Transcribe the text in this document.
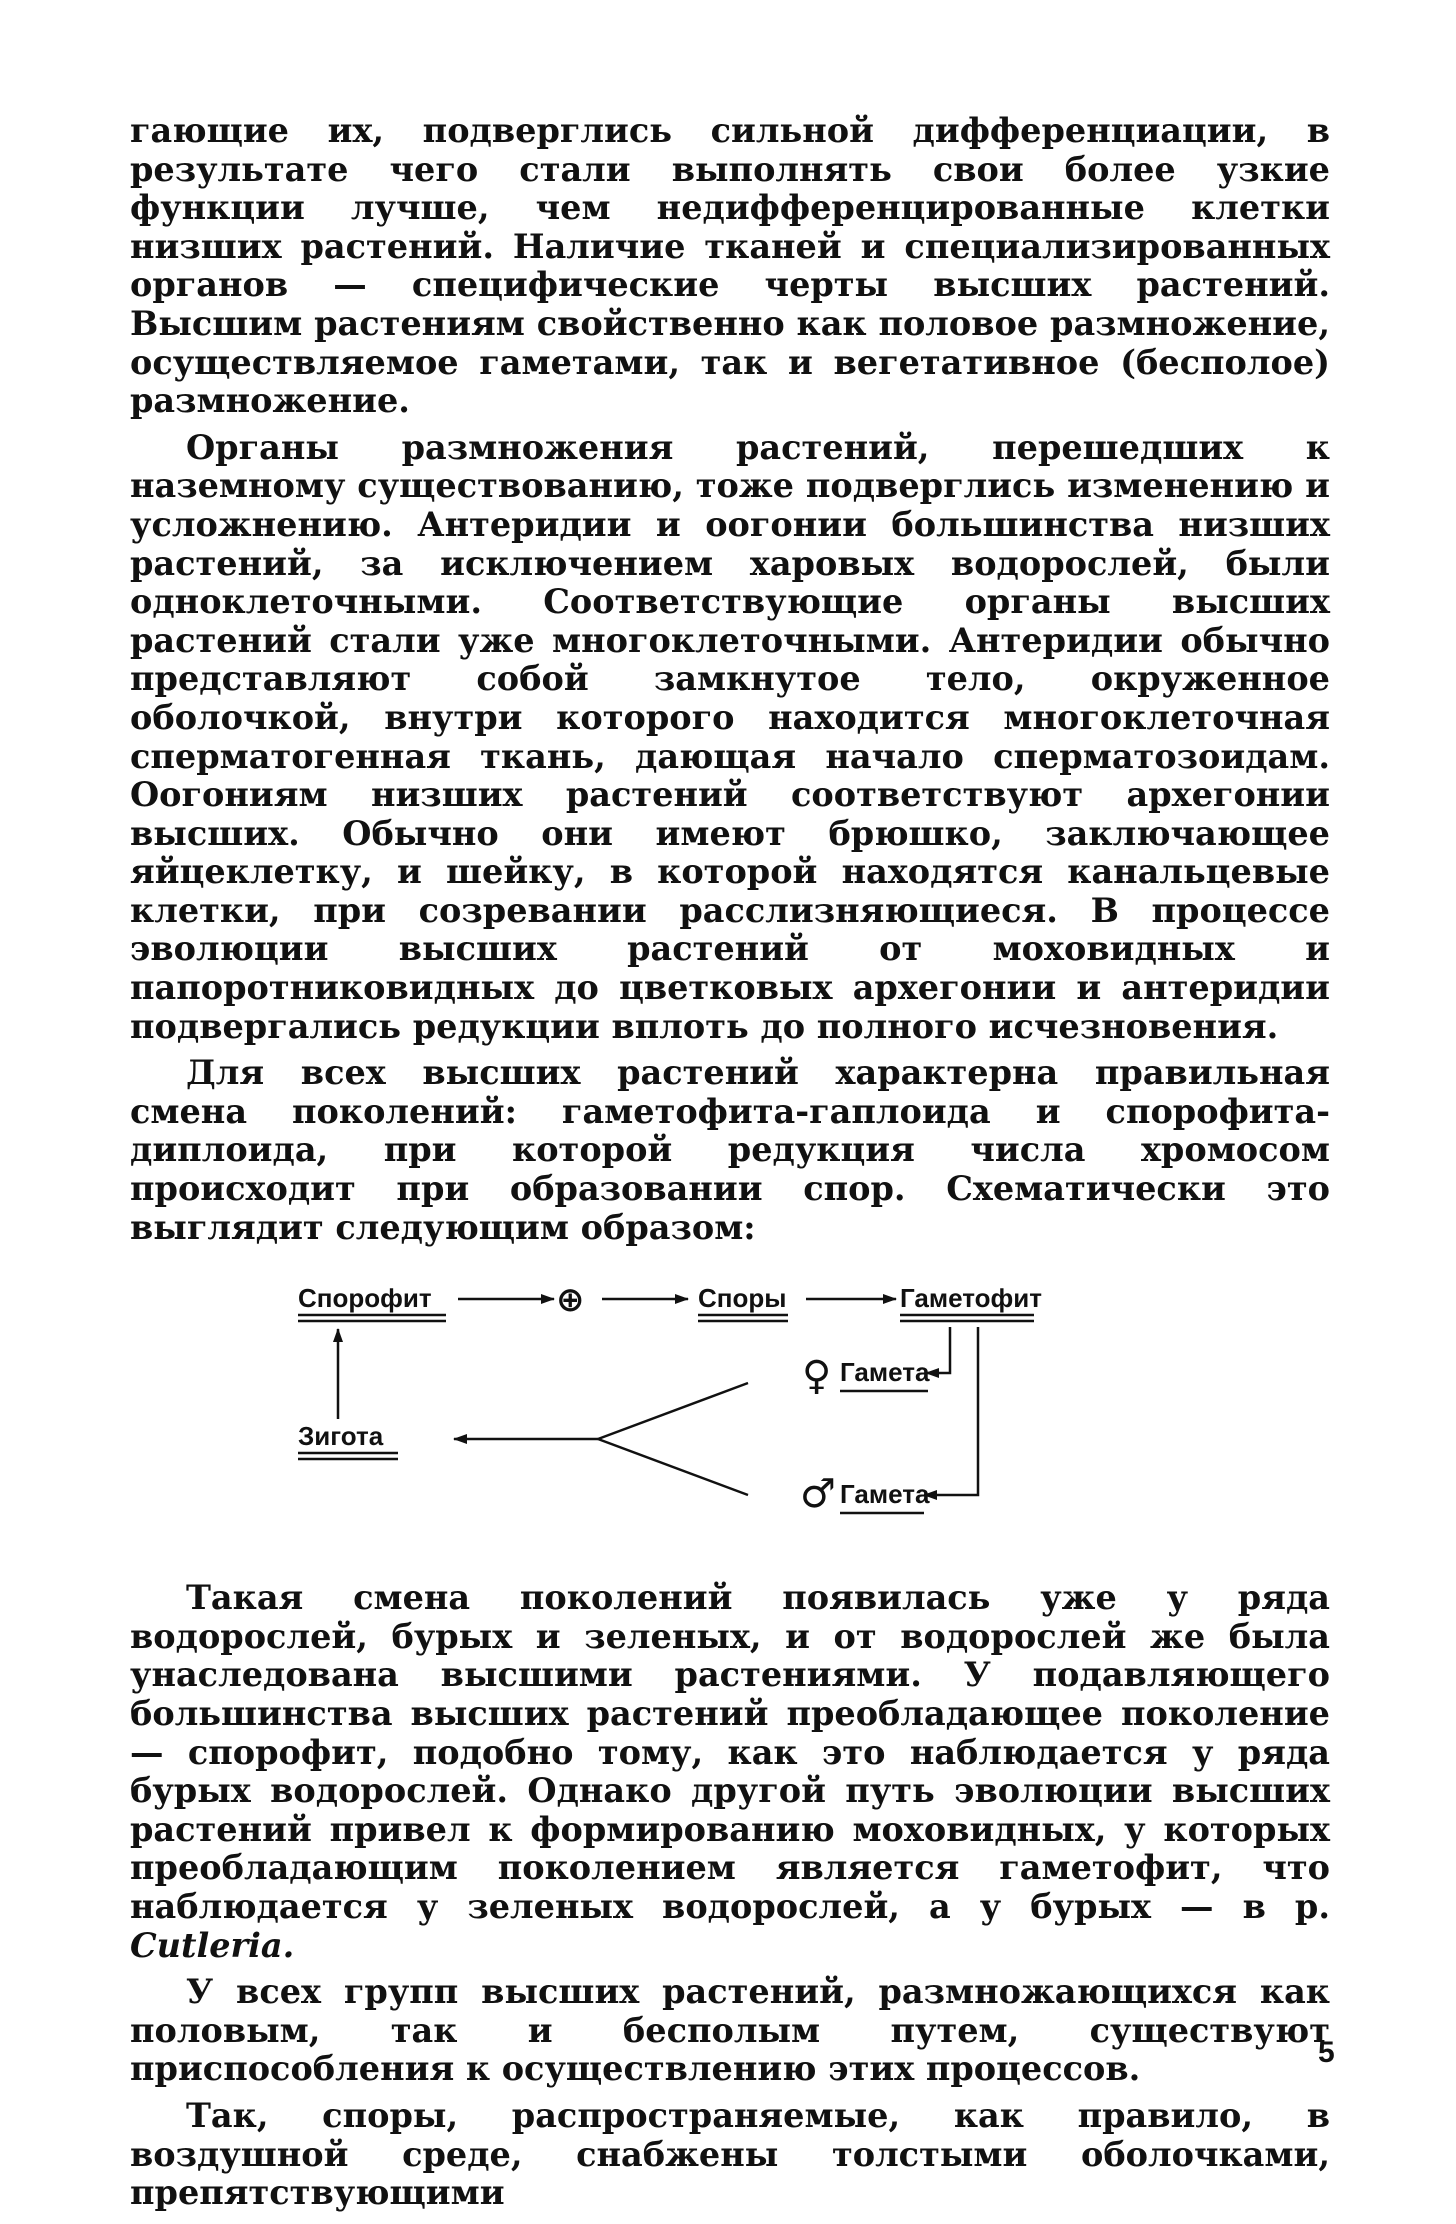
гающие их, подверглись сильной дифференциации, в результате чего стали выполнять свои более узкие функции лучше, чем недифференцированные клетки низших растений. Наличие тканей и специализированных органов — специфические черты высших растений. Высшим растениям свойственно как половое размножение, осуществляемое гаметами, так и вегетативное (бесполое) размножение.

Органы размножения растений, перешедших к наземному существованию, тоже подверглись изменению и усложнению. Антеридии и оогонии большинства низших растений, за исключением харовых водорослей, были одноклеточными. Соответствующие органы высших растений стали уже многоклеточными. Антеридии обычно представляют собой замкнутое тело, окруженное оболочкой, внутри которого находится многоклеточная сперматогенная ткань, дающая начало сперматозоидам. Оогониям низших растений соответствуют архегонии высших. Обычно они имеют брюшко, заключающее яйцеклетку, и шейку, в которой находятся канальцевые клетки, при созревании расслизняющиеся. В процессе эволюции высших растений от моховидных и папоротниковидных до цветковых архегонии и антеридии подвергались редукции вплоть до полного исчезновения.

Для всех высших растений характерна правильная смена поколений: гаметофита-гаплоида и спорофита-диплоида, при которой редукция числа хромосом происходит при образовании спор. Схематически это выглядит следующим образом:

Спорофит	⊕	Споры	Гаметофит
♀ Гамета
♂ Гамета
Зигота

Такая смена поколений появилась уже у ряда водорослей, бурых и зеленых, и от водорослей же была унаследована высшими растениями. У подавляющего большинства высших растений преобладающее поколение — спорофит, подобно тому, как это наблюдается у ряда бурых водорослей. Однако другой путь эволюции высших растений привел к формированию моховидных, у которых преобладающим поколением является гаметофит, что наблюдается у зеленых водорослей, а у бурых — в р. Cutleria.

У всех групп высших растений, размножающихся как половым, так и бесполым путем, существуют приспособления к осуществлению этих процессов.

Так, споры, распространяемые, как правило, в воздушной среде, снабжены толстыми оболочками, препятствующими

5
